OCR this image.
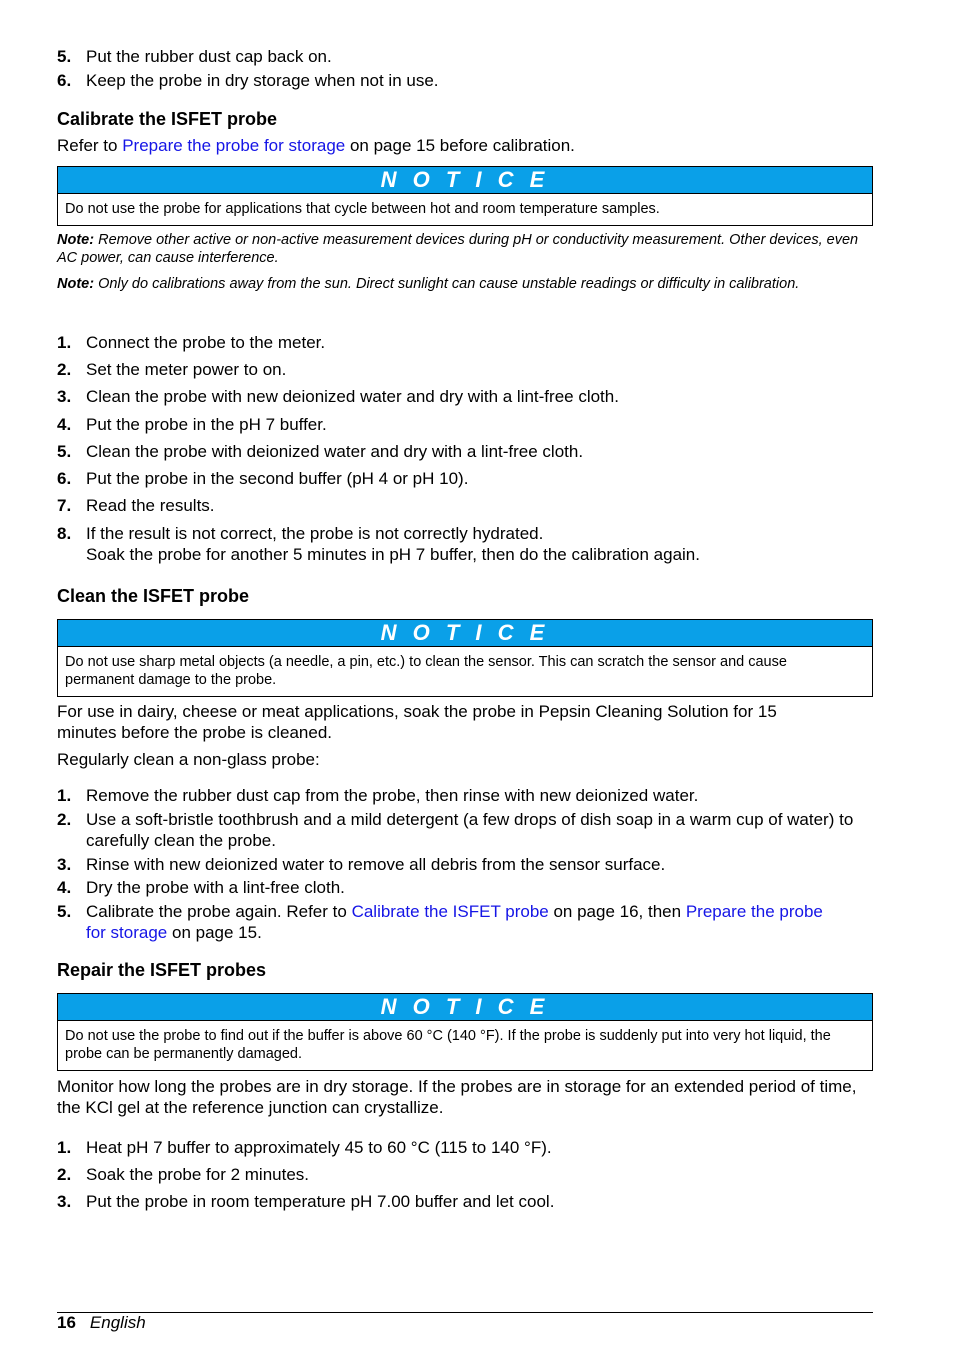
5. Put the rubber dust cap back on.
6. Keep the probe in dry storage when not in use.
Calibrate the ISFET probe

Refer to Prepare the probe for storage on page 15 before calibration.

N O T I C E
Do not use the probe for applications that cycle between hot and room temperature samples.
Note: Remove other active or non-active measurement devices during pH or conductivity measurement. Other devices, even AC power, can cause interference.
Note: Only do calibrations away from the sun. Direct sunlight can cause unstable readings or difficulty in calibration.
1. Connect the probe to the meter.
2. Set the meter power to on.
3. Clean the probe with new deionized water and dry with a lint-free cloth.
4. Put the probe in the pH 7 buffer.
5. Clean the probe with deionized water and dry with a lint-free cloth.
6. Put the probe in the second buffer (pH 4 or pH 10).
7. Read the results.
8. If the result is not correct, the probe is not correctly hydrated.
Soak the probe for another 5 minutes in pH 7 buffer, then do the calibration again.
Clean the ISFET probe
N O T I C E
Do not use sharp metal objects (a needle, a pin, etc.) to clean the sensor. This can scratch the sensor and cause permanent damage to the probe.

For use in dairy, cheese or meat applications, soak the probe in Pepsin Cleaning Solution for 15 minutes before the probe is cleaned.

Regularly clean a non-glass probe:

1. Remove the rubber dust cap from the probe, then rinse with new deionized water.
2. Use a soft-bristle toothbrush and a mild detergent (a few drops of dish soap in a warm cup of water) to carefully clean the probe.
3. Rinse with new deionized water to remove all debris from the sensor surface.
4. Dry the probe with a lint-free cloth.
5. Calibrate the probe again. Refer to Calibrate the ISFET probe on page 16, then Prepare the probe for storage on page 15.
Repair the ISFET probes
N O T I C E
Do not use the probe to find out if the buffer is above 60 °C (140 °F). If the probe is suddenly put into very hot liquid, the probe can be permanently damaged.

Monitor how long the probes are in dry storage. If the probes are in storage for an extended period of time, the KCl gel at the reference junction can crystallize.

1. Heat pH 7 buffer to approximately 45 to 60 °C (115 to 140 °F).
2. Soak the probe for 2 minutes.
3. Put the probe in room temperature pH 7.00 buffer and let cool.
16 English
